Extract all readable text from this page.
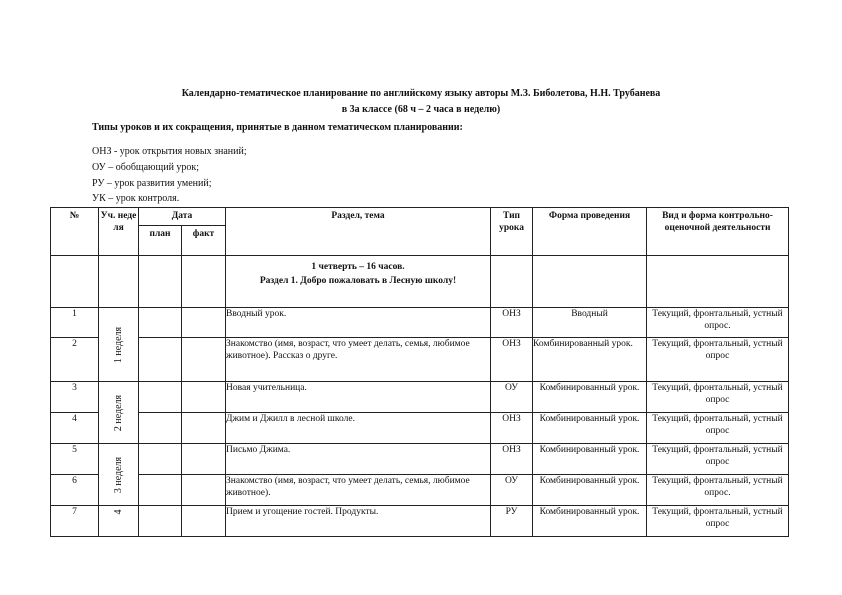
Календарно-тематическое планирование по английскому языку авторы М.З. Биболетова, Н.Н. Трубанева
в 3а классе (68 ч – 2 часа в неделю)
Типы уроков и их сокращения, принятые в данном тематическом планировании:
ОНЗ - урок открытия новых знаний;
ОУ – обобщающий урок;
РУ – урок развития умений;
УК – урок контроля.
№	Уч. неде ля	Дата		Раздел, тема	Тип урока	Форма проведения	Вид и форма контрольно-оценочной деятельности

		план	факт				

				1 четверть – 16 часов.
Раздел 1. Добро пожаловать в Лесную школу!			

1	1 неделя			Вводный урок.	ОНЗ	Вводный	Текущий, фронтальный, устный опрос.
2				Знакомство (имя, возраст, что умеет делать, семья, любимое животное). Рассказ о друге.	ОНЗ	Комбинированный урок.	Текущий, фронтальный, устный опрос
3	2 неделя			Новая учительница.	ОУ	Комбинированный урок.	Текущий, фронтальный, устный опрос
4				Джим и Джилл в лесной школе.	ОНЗ	Комбинированный урок.	Текущий, фронтальный, устный опрос
5	3 неделя			Письмо Джима.	ОНЗ	Комбинированный урок.	Текущий, фронтальный, устный опрос
6				Знакомство (имя, возраст, что умеет делать, семья, любимое животное).	ОУ	Комбинированный урок.	Текущий, фронтальный, устный опрос.
7	4			Прием и угощение гостей. Продукты.	РУ	Комбинированный урок.	Текущий, фронтальный, устный опрос
